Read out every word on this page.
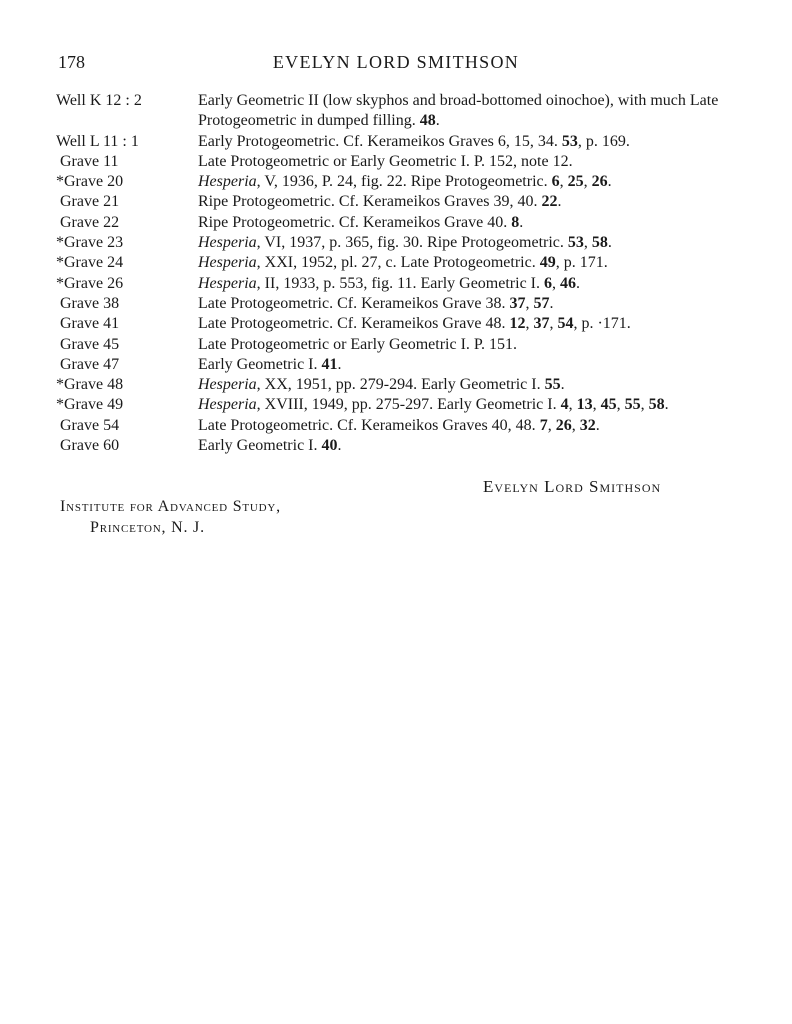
178	EVELYN LORD SMITHSON
Well K 12 : 2	Early Geometric II (low skyphos and broad-bottomed oinochoe), with much Late Protogeometric in dumped filling. 48.
Well L 11 : 1	Early Protogeometric. Cf. Kerameikos Graves 6, 15, 34. 53, p. 169.
Grave 11	Late Protogeometric or Early Geometric I. P. 152, note 12.
*Grave 20	Hesperia, V, 1936, P. 24, fig. 22. Ripe Protogeometric. 6, 25, 26.
Grave 21	Ripe Protogeometric. Cf. Kerameikos Graves 39, 40. 22.
Grave 22	Ripe Protogeometric. Cf. Kerameikos Grave 40. 8.
*Grave 23	Hesperia, VI, 1937, p. 365, fig. 30. Ripe Protogeometric. 53, 58.
*Grave 24	Hesperia, XXI, 1952, pl. 27, c. Late Protogeometric. 49, p. 171.
*Grave 26	Hesperia, II, 1933, p. 553, fig. 11. Early Geometric I. 6, 46.
Grave 38	Late Protogeometric. Cf. Kerameikos Grave 38. 37, 57.
Grave 41	Late Protogeometric. Cf. Kerameikos Grave 48. 12, 37, 54, p. ·171.
Grave 45	Late Protogeometric or Early Geometric I. P. 151.
Grave 47	Early Geometric I. 41.
*Grave 48	Hesperia, XX, 1951, pp. 279-294. Early Geometric I. 55.
*Grave 49	Hesperia, XVIII, 1949, pp. 275-297. Early Geometric I. 4, 13, 45, 55, 58.
Grave 54	Late Protogeometric. Cf. Kerameikos Graves 40, 48. 7, 26, 32.
Grave 60	Early Geometric I. 40.
Evelyn Lord Smithson
Institute for Advanced Study,
Princeton, N. J.
